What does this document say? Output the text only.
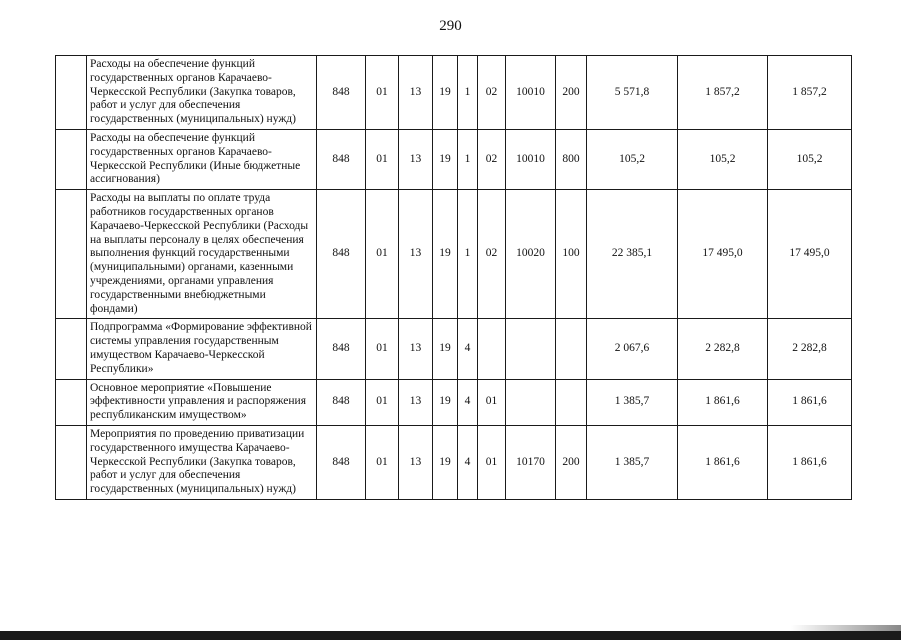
290
	Расходы на обеспечение функций государственных органов Карачаево-Черкесской Республики (Закупка товаров, работ и услуг для обеспечения государственных (муниципальных) нужд)	848	01	13	19	1	02	10010	200	5 571,8	1 857,2	1 857,2
	Расходы на обеспечение функций государственных органов Карачаево-Черкесской Республики (Иные бюджетные ассигнования)	848	01	13	19	1	02	10010	800	105,2	105,2	105,2
	Расходы на выплаты по оплате труда работников государственных органов Карачаево-Черкесской Республики (Расходы на выплаты персоналу в целях обеспечения выполнения функций государственными (муниципальными) органами, казенными учреждениями, органами управления государственными внебюджетными фондами)	848	01	13	19	1	02	10020	100	22 385,1	17 495,0	17 495,0
	Подпрограмма «Формирование эффективной системы управления государственным имуществом Карачаево-Черкесской Республики»	848	01	13	19	4				2 067,6	2 282,8	2 282,8
	Основное мероприятие «Повышение эффективности управления и распоряжения республиканским имуществом»	848	01	13	19	4	01			1 385,7	1 861,6	1 861,6
	Мероприятия по проведению приватизации государственного имущества Карачаево-Черкесской Республики (Закупка товаров, работ и услуг для обеспечения государственных (муниципальных) нужд)	848	01	13	19	4	01	10170	200	1 385,7	1 861,6	1 861,6
